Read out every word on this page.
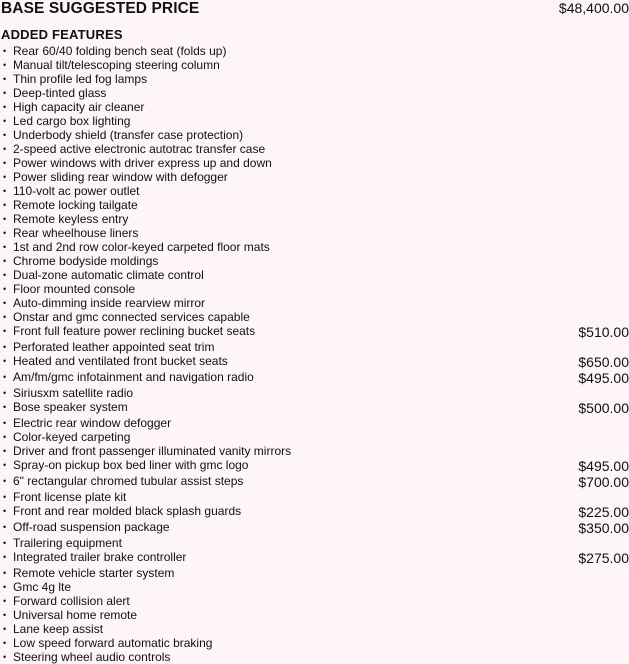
BASE SUGGESTED PRICE	$48,400.00
ADDED FEATURES
• Rear 60/40 folding bench seat (folds up)
• Manual tilt/telescoping steering column
• Thin profile led fog lamps
• Deep-tinted glass
• High capacity air cleaner
• Led cargo box lighting
• Underbody shield (transfer case protection)
• 2-speed active electronic autotrac transfer case
• Power windows with driver express up and down
• Power sliding rear window with defogger
• 110-volt ac power outlet
• Remote locking tailgate
• Remote keyless entry
• Rear wheelhouse liners
• 1st and 2nd row color-keyed carpeted floor mats
• Chrome bodyside moldings
• Dual-zone automatic climate control
• Floor mounted console
• Auto-dimming inside rearview mirror
• Onstar and gmc connected services capable
• Front full feature power reclining bucket seats	$510.00
• Perforated leather appointed seat trim
• Heated and ventilated front bucket seats	$650.00
• Am/fm/gmc infotainment and navigation radio	$495.00
• Siriusxm satellite radio
• Bose speaker system	$500.00
• Electric rear window defogger
• Color-keyed carpeting
• Driver and front passenger illuminated vanity mirrors
• Spray-on pickup box bed liner with gmc logo	$495.00
• 6" rectangular chromed tubular assist steps	$700.00
• Front license plate kit
• Front and rear molded black splash guards	$225.00
• Off-road suspension package	$350.00
• Trailering equipment
• Integrated trailer brake controller	$275.00
• Remote vehicle starter system
• Gmc 4g lte
• Forward collision alert
• Universal home remote
• Lane keep assist
• Low speed forward automatic braking
• Steering wheel audio controls
